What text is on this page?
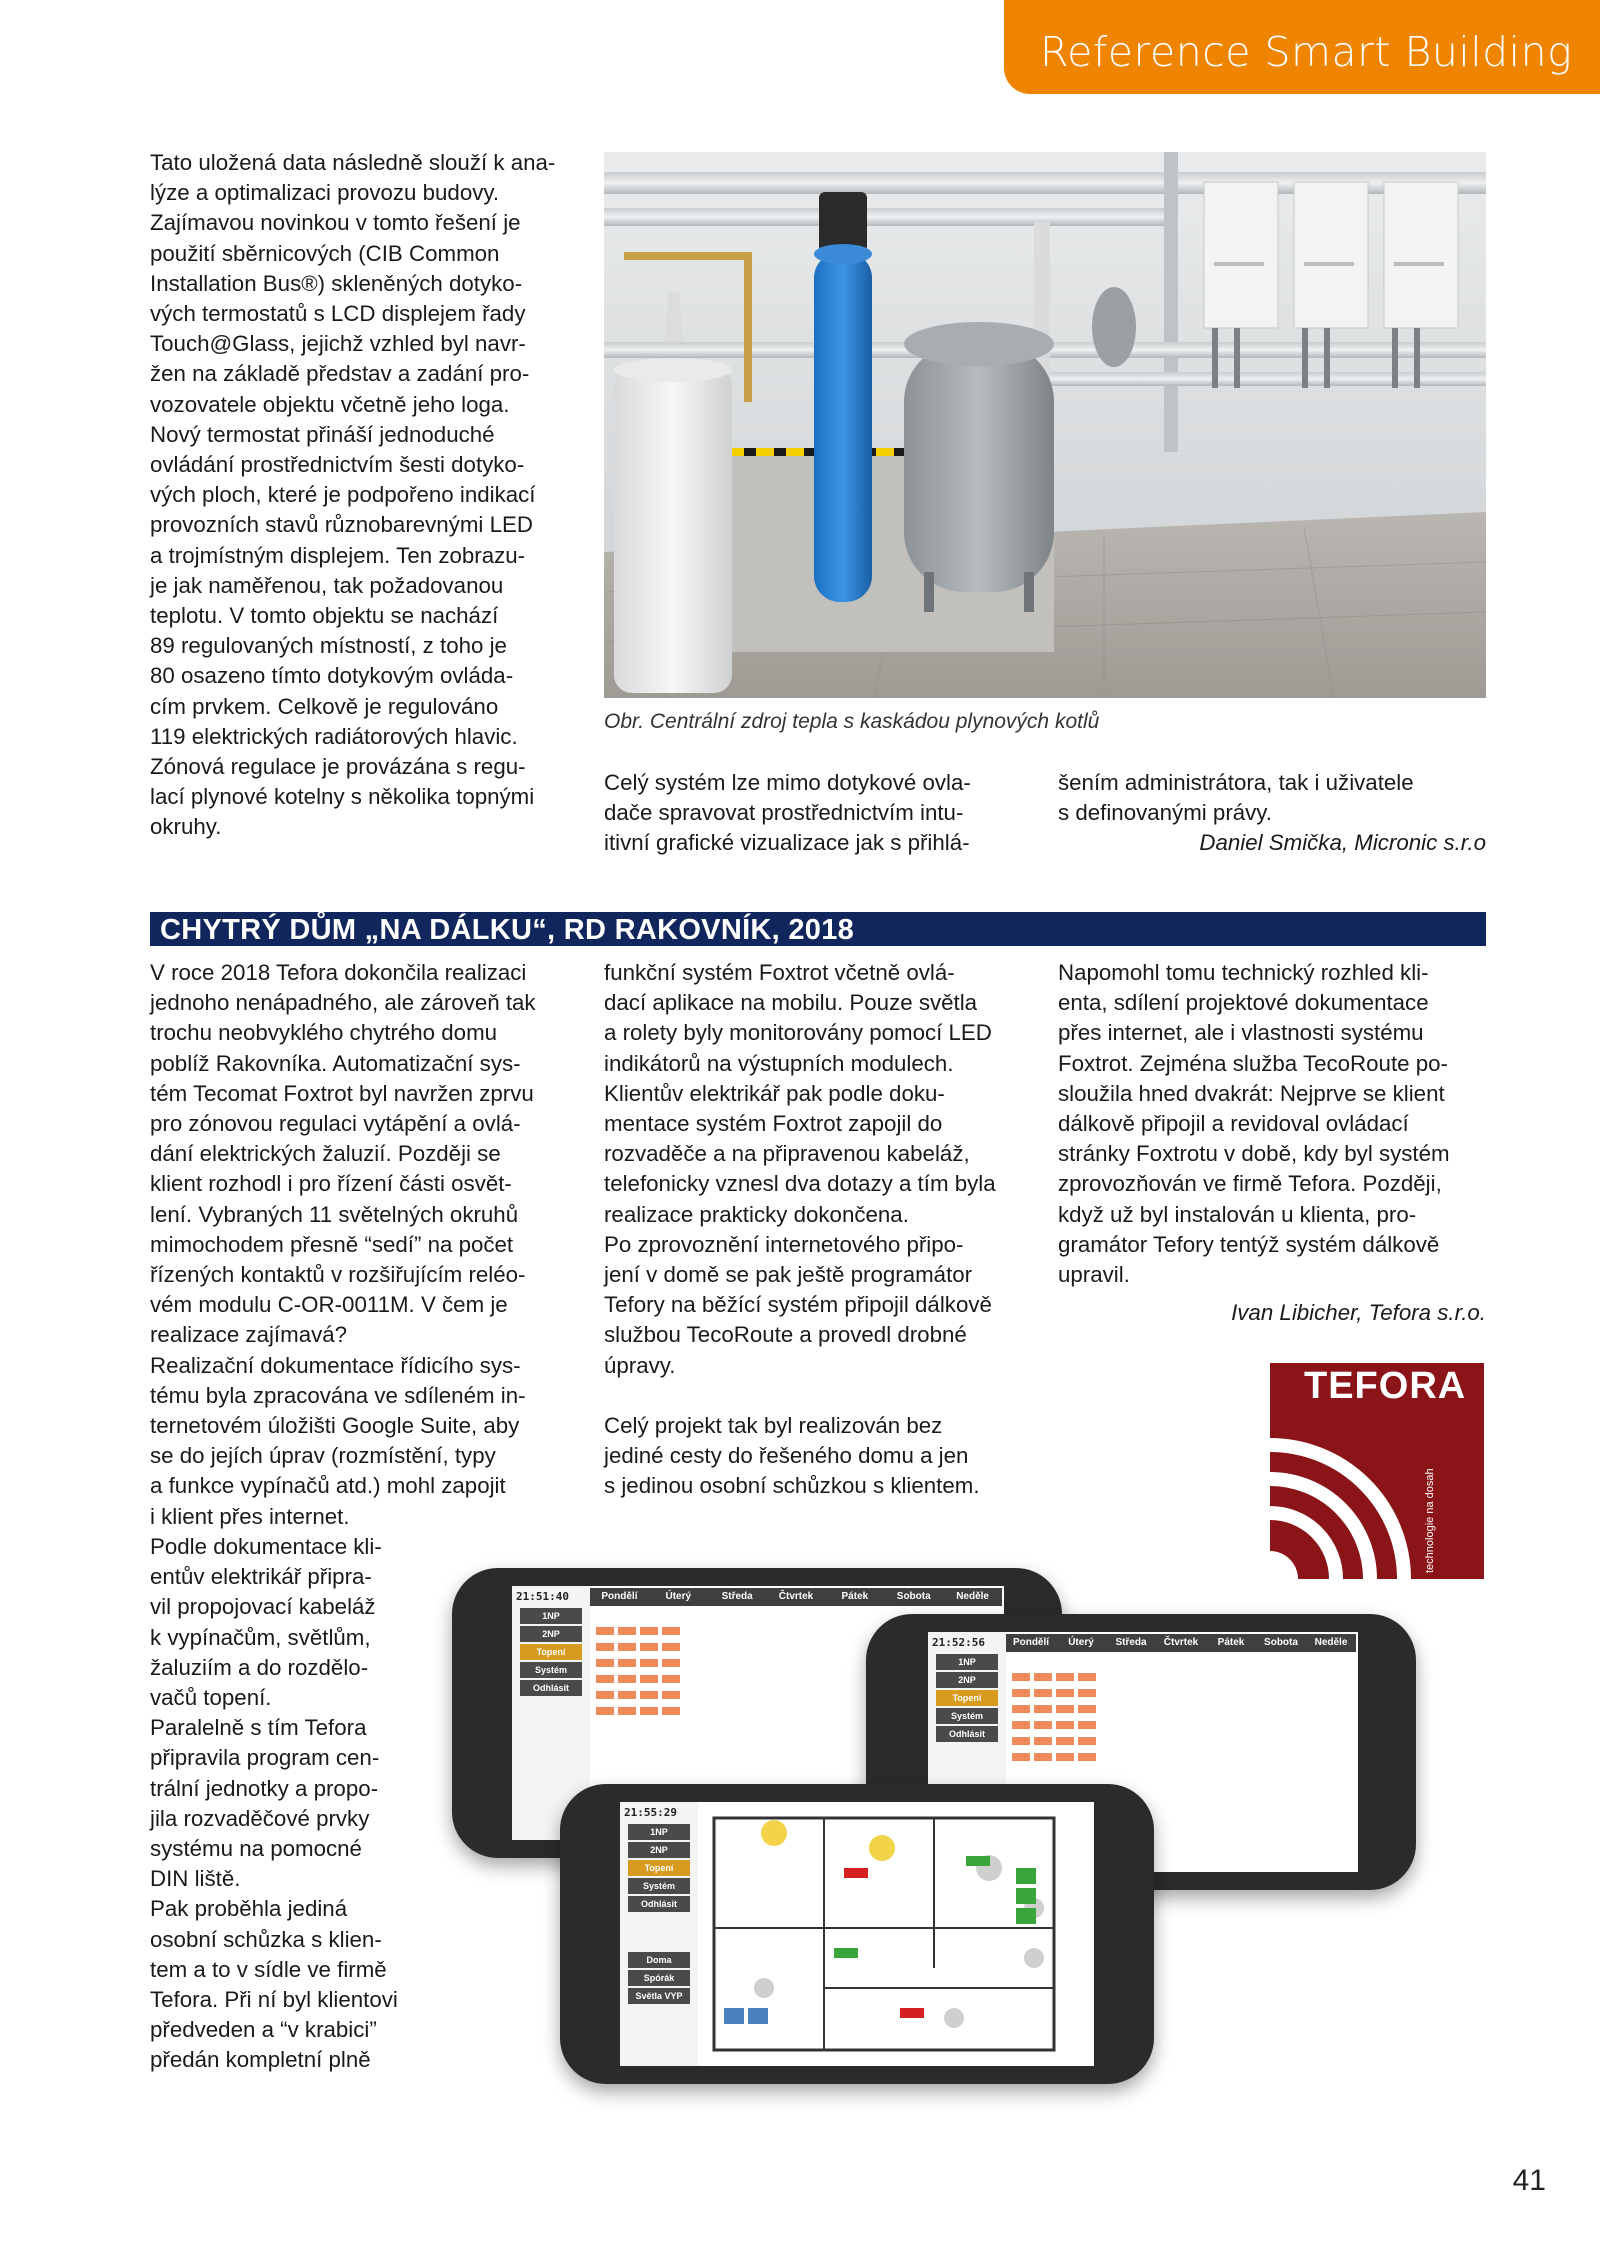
Reference Smart Building

Tato uložená data následně slouží k ana-

lýze a optimalizaci provozu budovy.

Zajímavou novinkou v tomto řešení je

použití sběrnicových (CIB Common

Installation Bus®) skleněných dotyko-

vých termostatů s LCD displejem řady

Touch@Glass, jejichž vzhled byl navr-

žen na základě představ a zadání pro-

vozovatele objektu včetně jeho loga.

Nový termostat přináší jednoduché

ovládání prostřednictvím šesti dotyko-

vých ploch, které je podpořeno indikací

provozních stavů různobarevnými LED

a trojmístným displejem. Ten zobrazu-

je jak naměřenou, tak požadovanou

teplotu. V tomto objektu se nachází

89 regulovaných místností, z toho je

80 osazeno tímto dotykovým ovláda-

cím prvkem. Celkově je regulováno

119 elektrických radiátorových hlavic.

Zónová regulace je provázána s regu-

lací plynové kotelny s několika topnými

okruhy.

Obr. Centrální zdroj tepla s kaskádou plynových kotlů

Celý systém lze mimo dotykové ovla-

dače spravovat prostřednictvím intu-

itivní grafické vizualizace jak s přihlá-

šením administrátora, tak i uživatele

s definovanými právy.

Daniel Smička, Micronic s.r.o
CHYTRÝ DŮM „NA DÁLKU“, RD RAKOVNÍK, 2018

V roce 2018 Tefora dokončila realizaci

jednoho nenápadného, ale zároveň tak

trochu neobvyklého chytrého domu

poblíž Rakovníka. Automatizační sys-

tém Tecomat Foxtrot byl navržen zprvu

pro zónovou regulaci vytápění a ovlá-

dání elektrických žaluzií. Později se

klient rozhodl i pro řízení části osvět-

lení. Vybraných 11 světelných okruhů

mimochodem přesně “sedí” na počet

řízených kontaktů v rozšiřujícím reléo-

vém modulu C-OR-0011M. V čem je

realizace zajímavá?

Realizační dokumentace řídicího sys-

tému byla zpracována ve sdíleném in-

ternetovém úložišti Google Suite, aby

se do jejích úprav (rozmístění, typy

a funkce vypínačů atd.) mohl zapojit

i klient přes internet.

Podle dokumentace kli-

entův elektrikář připra-

vil propojovací kabeláž

k vypínačům, světlům,

žaluziím a do rozdělo-

vačů topení.

Paralelně s tím Tefora

připravila program cen-

trální jednotky a propo-

jila rozvaděčové prvky

systému na pomocné

DIN liště.

Pak proběhla jediná

osobní schůzka s klien-

tem a to v sídle ve firmě

Tefora. Při ní byl klientovi

předveden a “v krabici”

předán kompletní plně

funkční systém Foxtrot včetně ovlá-

dací aplikace na mobilu. Pouze světla

a rolety byly monitorovány pomocí LED

indikátorů na výstupních modulech.

Klientův elektrikář pak podle doku-

mentace systém Foxtrot zapojil do

rozvaděče a na připravenou kabeláž,

telefonicky vznesl dva dotazy a tím byla

realizace prakticky dokončena.

Po zprovoznění internetového připo-

jení v domě se pak ještě programátor

Tefory na běžící systém připojil dálkově

službou TecoRoute a provedl drobné

úpravy.

Celý projekt tak byl realizován bez

jediné cesty do řešeného domu a jen

s jedinou osobní schůzkou s klientem.

Napomohl tomu technický rozhled kli-

enta, sdílení projektové dokumentace

přes internet, ale i vlastnosti systému

Foxtrot. Zejména služba TecoRoute po-

sloužila hned dvakrát: Nejprve se klient

dálkově připojil a revidoval ovládací

stránky Foxtrotu v době, kdy byl systém

zprovozňován ve firmě Tefora. Později,

když už byl instalován u klienta, pro-

gramátor Tefory tentýž systém dálkově

upravil.

Ivan Libicher, Tefora s.r.o.
TEFORA
technologie na dosah
21:51:40
1NP
2NP
Topení
Systém
Odhlásit
Pondělí	Úterý	Středa	Čtvrtek	Pátek	Sobota	Neděle
21:52:56
1NP
2NP
Topení
Systém
Odhlásit
Pondělí	Úterý	Středa	Čtvrtek	Pátek	Sobota	Neděle
21:55:29
1NP
2NP
Topení
Systém
Odhlásit
Doma
Spórák
Světla VYP
41
